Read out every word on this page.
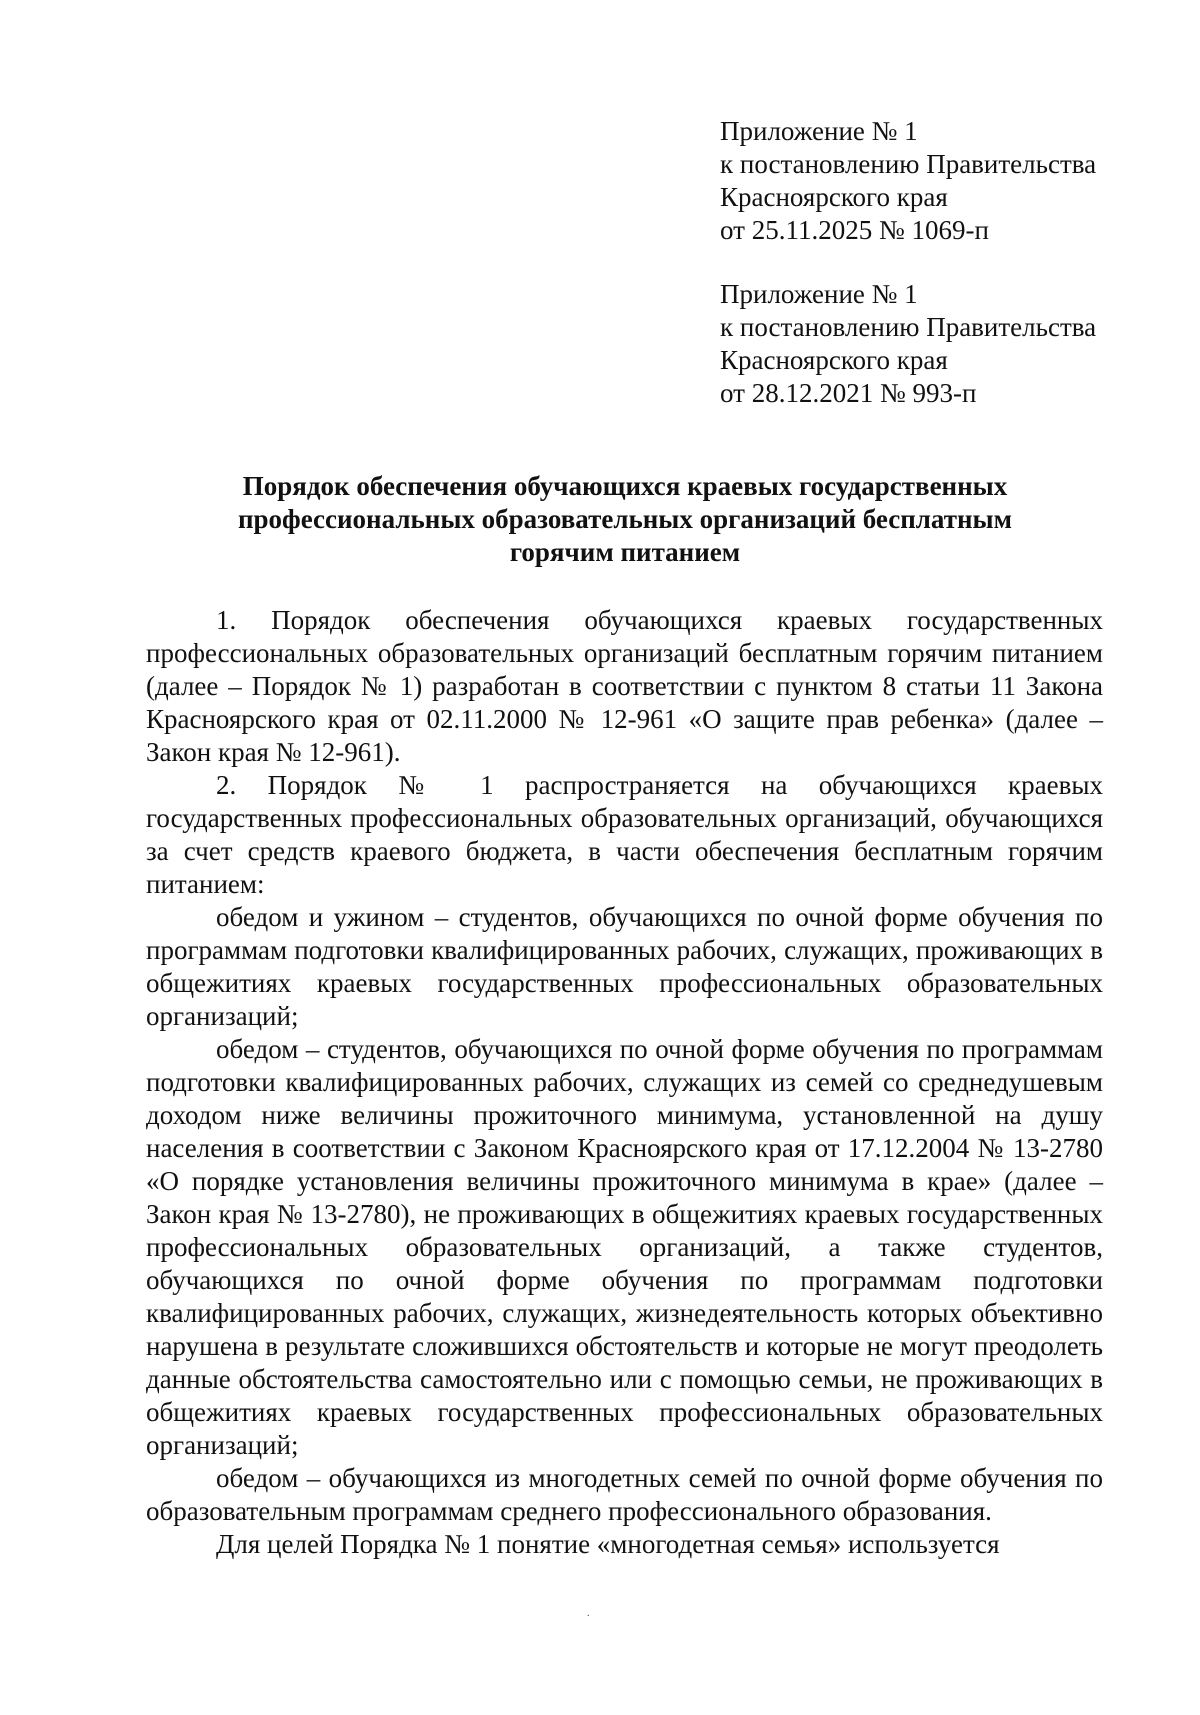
Приложение № 1
к постановлению Правительства
Красноярского края
от 25.11.2025 № 1069-п
Приложение № 1
к постановлению Правительства
Красноярского края
от 28.12.2021 № 993-п
Порядок обеспечения обучающихся краевых государственных
профессиональных образовательных организаций бесплатным
горячим питанием

1. Порядок обеспечения обучающихся краевых государственных профессиональных образовательных организаций бесплатным горячим питанием (далее – Порядок № 1) разработан в соответствии с пунктом 8 статьи 11 Закона Красноярского края от 02.11.2000 № 12-961 «О защите прав ребенка» (далее – Закон края № 12-961).

2. Порядок № 1 распространяется на обучающихся краевых государственных профессиональных образовательных организаций, обучающихся за счет средств краевого бюджета, в части обеспечения бесплатным горячим питанием:

обедом и ужином – студентов, обучающихся по очной форме обучения по программам подготовки квалифицированных рабочих, служащих, проживающих в общежитиях краевых государственных профессиональных образовательных организаций;

обедом – студентов, обучающихся по очной форме обучения по программам подготовки квалифицированных рабочих, служащих из семей со среднедушевым доходом ниже величины прожиточного минимума, установленной на душу населения в соответствии с Законом Красноярского края от 17.12.2004 № 13-2780 «О порядке установления величины прожиточного минимума в крае» (далее – Закон края № 13-2780), не проживающих в общежитиях краевых государственных профессиональных образовательных организаций, а также студентов, обучающихся по очной форме обучения по программам подготовки квалифицированных рабочих, служащих, жизнедеятельность которых объективно нарушена в результате сложившихся обстоятельств и которые не могут преодолеть данные обстоятельства самостоятельно или с помощью семьи, не проживающих в общежитиях краевых государственных профессиональных образовательных организаций;

обедом – обучающихся из многодетных семей по очной форме обучения по образовательным программам среднего профессионального образования.

Для целей Порядка № 1 понятие «многодетная семья» используется

.
